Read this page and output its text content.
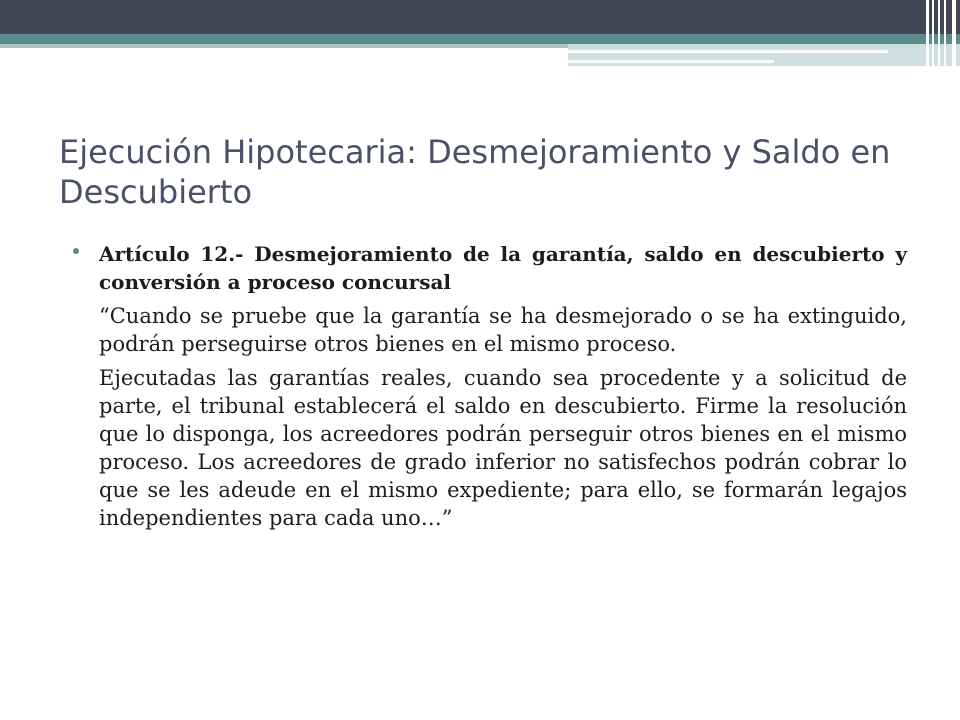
Ejecución Hipotecaria: Desmejoramiento y Saldo en Descubierto

Artículo 12.- Desmejoramiento de la garantía, saldo en descubierto y conversión a proceso concursal

“Cuando se pruebe que la garantía se ha desmejorado o se ha extinguido, podrán perseguirse otros bienes en el mismo proceso.

Ejecutadas las garantías reales, cuando sea procedente y a solicitud de parte, el tribunal establecerá el saldo en descubierto. Firme la resolución que lo disponga, los acreedores podrán perseguir otros bienes en el mismo proceso. Los acreedores de grado inferior no satisfechos podrán cobrar lo que se les adeude en el mismo expediente; para ello, se formarán legajos independientes para cada uno…”
